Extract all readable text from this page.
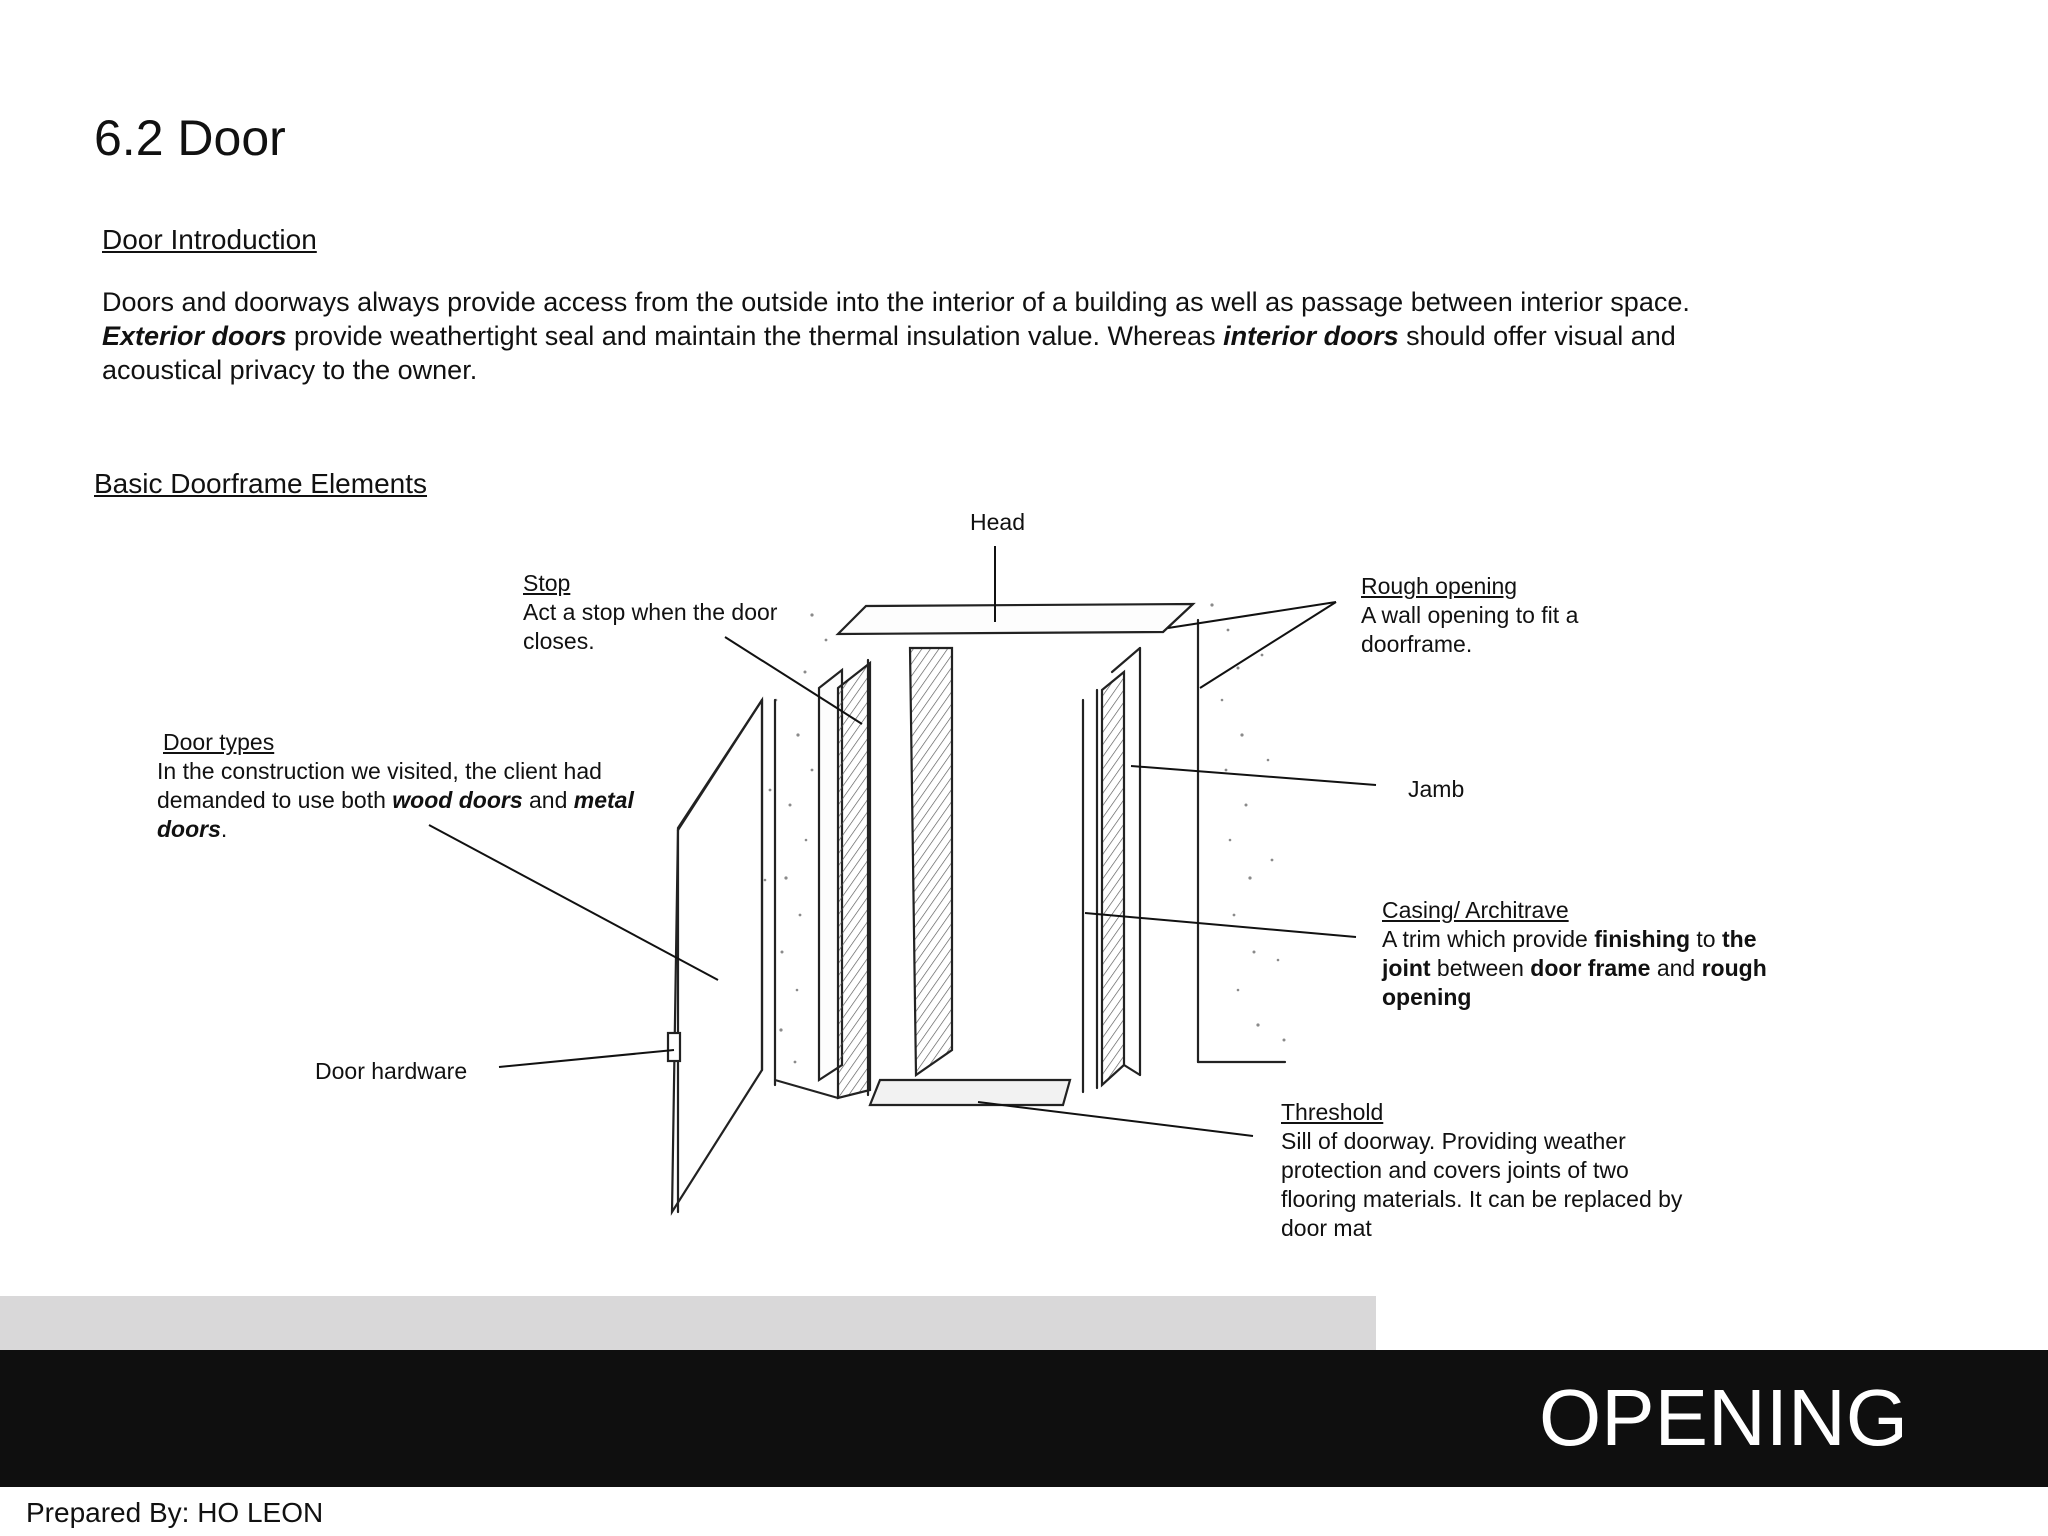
6.2 Door
Door Introduction
Doors and doorways always provide access from the outside into the interior of a building as well as passage between interior space. Exterior doors provide weathertight seal and maintain the thermal insulation value. Whereas interior doors should offer visual and acoustical privacy to the owner.
Basic Doorframe Elements
Head
Stop
Act a stop when the door closes.
Rough opening
A wall opening to fit a doorframe.
Jamb
Door types
In the construction we visited, the client had demanded to use both wood doors and metal doors.
Casing/ Architrave
A trim which provide finishing to the joint between door frame and rough opening
Door hardware
Threshold
Sill of doorway. Providing weather protection and covers joints of two flooring materials. It can be replaced by door mat
OPENING
Prepared By: HO LEON
